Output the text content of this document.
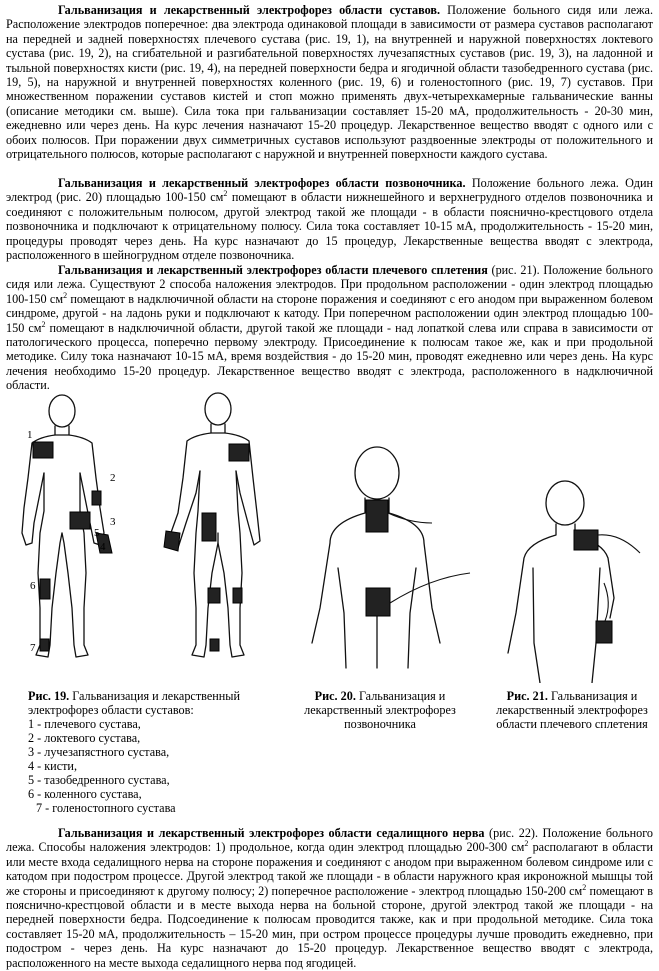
Гальванизация и лекарственный электрофорез области суставов. Положение больного сидя или лежа. Расположение электродов поперечное: два электрода одинаковой площади в зависимости от размера суставов располагают на передней и задней поверхностях плечевого сустава (рис. 19, 1), на внутренней и наружной поверхностях локтевого сустава (рис. 19, 2), на сгибательной и разгибательной поверхностях лучезапястных суставов (рис. 19, 3), на ладонной и тыльной поверхностях кисти (рис. 19, 4), на передней поверхности бедра и ягодичной области тазобедренного сустава (рис. 19, 5), на наружной и внутренней поверхностях коленного (рис. 19, 6) и голеностопного (рис. 19, 7) суставов. При множественном поражении суставов кистей и стоп можно применять двух-четырехкамерные гальванические ванны (описание методики см. выше). Сила тока при гальванизации составляет 15-20 мА, продолжительность - 20-30 мин, ежедневно или через день. На курс лечения назначают 15-20 процедур. Лекарственное вещество вводят с одного или с обоих полюсов. При поражении двух симметричных суставов используют раздвоенные электроды от положительного и отрицательного полюсов, которые располагают с наружной и внутренней поверхности каждого сустава.

Гальванизация и лекарственный электрофорез области позвоночника. Положение больного лежа. Один электрод (рис. 20) площадью 100-150 $см^2$ помещают в области нижнешейного и верхнегрудного отделов позвоночника и соединяют с положительным полюсом, другой электрод такой же площади - в области пояснично-крестцового отдела позвоночника и подключают к отрицательному полюсу. Сила тока составляет 10-15 мА, продолжительность - 15-20 мин, процедуры проводят через день. На курс назначают до 15 процедур, Лекарственные вещества вводят с электрода, расположенного в шейногрудном отделе позвоночника.

Гальванизация и лекарственный электрофорез области плечевого сплетения (рис. 21). Положение больного сидя или лежа. Существуют 2 способа наложения электродов. При продольном расположении - один электрод площадью 100-150 $см^2$ помещают в надключичной области на стороне поражения и соединяют с его анодом при выраженном болевом синдроме, другой - на ладонь руки и подключают к катоду. При поперечном расположении один электрод площадью 100-150 $см^2$ помещают в надключичной области, другой такой же площади - над лопаткой слева или справа в зависимости от патологического процесса, поперечно первому электроду. Присоединение к полюсам такое же, как и при продольной методике. Силу тока назначают 10-15 мА, время воздействия - до 15-20 мин, проводят ежедневно или через день. На курс лечения необходимо 15-20 процедур. Лекарственное вещество вводят с электрода, расположенного в надключичной области.

1
2
3
4
5
6
7
Рис. 19. Гальванизация и лекарственный электрофорез области суставов:
1 - плечевого сустава,
2 - локтевого сустава,
3 - лучезапястного сустава,
4 - кисти,
5 - тазобедренного сустава,
6 - коленного сустава,
7 - голеностопного сустава
Рис. 20. Гальванизация и лекарственный электрофорез позвоночника
Рис. 21. Гальванизация и лекарственный электрофорез области плечевого сплетения

Гальванизация и лекарственный электрофорез области седалищного нерва (рис. 22). Положение больного лежа. Способы наложения электродов: 1) продольное, когда один электрод площадью 200-300 $см^2$ располагают в области или месте входа седалищного нерва на стороне поражения и соединяют с анодом при выраженном болевом синдроме или с катодом при подостром процессе. Другой электрод такой же площади - в области наружного края икроножной мышцы той же стороны и присоединяют к другому полюсу; 2) поперечное расположение - электрод площадью 150-200 $см^2$ помещают в пояснично-крестцовой области и в месте выхода нерва на больной стороне, другой электрод такой же площади - на передней поверхности бедра. Подсоединение к полюсам проводится также, как и при продольной методике. Сила тока составляет 15-20 мА, продолжительность – 15-20 мин, при остром процессе процедуры лучше проводить ежедневно, при подостром - через день. На курс назначают до 15-20 процедур. Лекарственное вещество вводят с электрода, расположенного на месте выхода седалищного нерва под ягодицей.
